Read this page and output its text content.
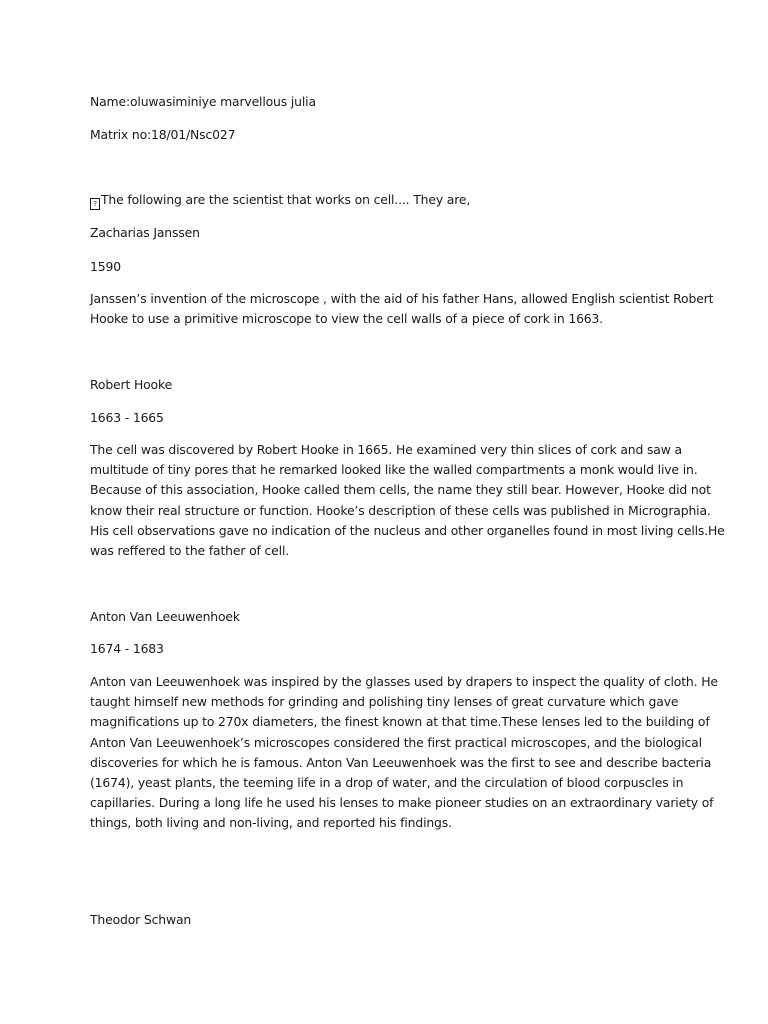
Name:oluwasiminiye marvellous julia
Matrix no:18/01/Nsc027
? The following are the scientist that works on cell.... They are,
Zacharias Janssen
1590
Janssen’s invention of the microscope , with the aid of his father Hans, allowed English scientist Robert
Hooke to use a primitive microscope to view the cell walls of a piece of cork in 1663.
Robert Hooke
1663 - 1665
The cell was discovered by Robert Hooke in 1665. He examined very thin slices of cork and saw a
multitude of tiny pores that he remarked looked like the walled compartments a monk would live in.
Because of this association, Hooke called them cells, the name they still bear. However, Hooke did not
know their real structure or function. Hooke’s description of these cells was published in Micrographia.
His cell observations gave no indication of the nucleus and other organelles found in most living cells.He
was reffered to the father of cell.
Anton Van Leeuwenhoek
1674 - 1683
Anton van Leeuwenhoek was inspired by the glasses used by drapers to inspect the quality of cloth. He
taught himself new methods for grinding and polishing tiny lenses of great curvature which gave
magnifications up to 270x diameters, the finest known at that time.These lenses led to the building of
Anton Van Leeuwenhoek’s microscopes considered the first practical microscopes, and the biological
discoveries for which he is famous. Anton Van Leeuwenhoek was the first to see and describe bacteria
(1674), yeast plants, the teeming life in a drop of water, and the circulation of blood corpuscles in
capillaries. During a long life he used his lenses to make pioneer studies on an extraordinary variety of
things, both living and non-living, and reported his findings.
Theodor Schwan
